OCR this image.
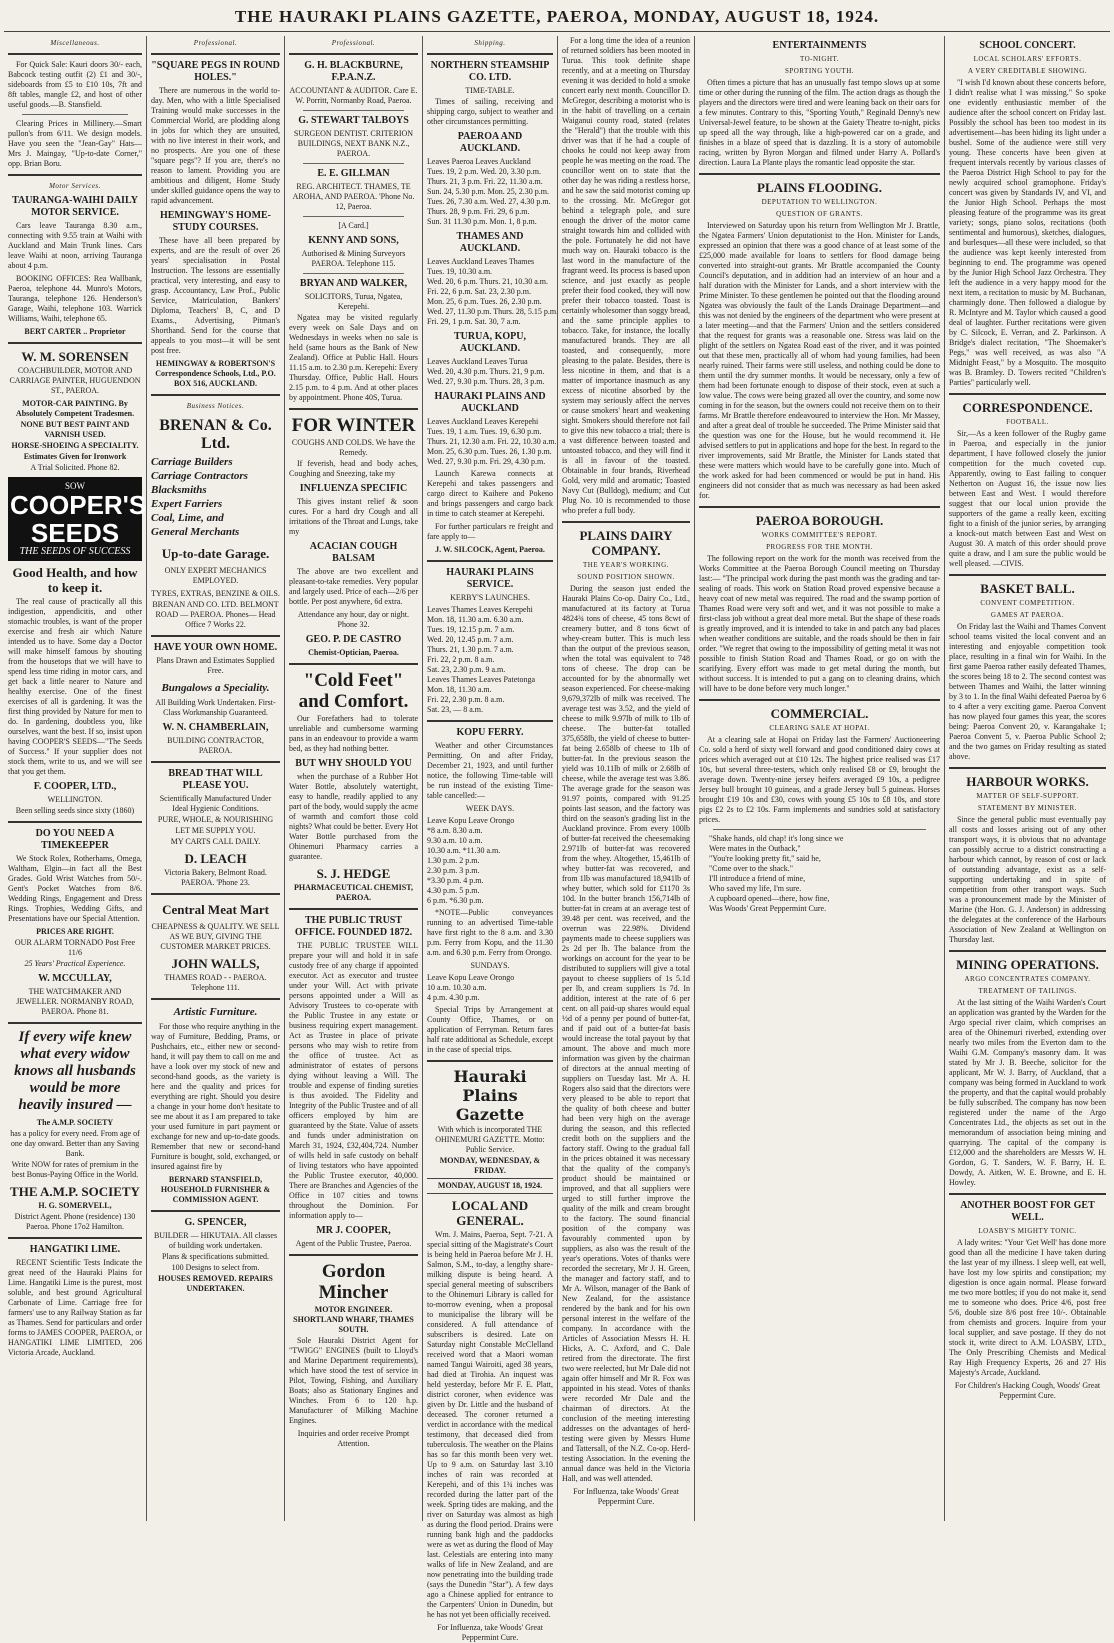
THE HAURAKI PLAINS GAZETTE, PAEROA, MONDAY, AUGUST 18, 1924.
Miscellaneous.

For Quick Sale: Kauri doors 30/- each, Babcock testing outfit (2) £1 and 30/-, sideboards from £5 to £10 10s, 7ft and 8ft tables, mangle £2, and host of other useful goods.—B. Stansfield.

Clearing Prices in Millinery.—Smart pullon's from 6/11. We design models. Have you seen the "Jean-Gay" Hats—Mrs J. Maingay, "Up-to-date Corner," opp. Brian Boru.

Motor Services.
TAURANGA-WAIHI DAILY MOTOR SERVICE.

Cars leave Tauranga 8.30 a.m., connecting with 9.55 train at Waihi with Auckland and Main Trunk lines. Cars leave Waihi at noon, arriving Tauranga about 4 p.m.

BOOKING OFFICES: Rea Wallbank, Paeroa, telephone 44. Munro's Motors, Tauranga, telephone 126. Henderson's Garage, Waihi, telephone 103. Warrick Williams, Waihi, telephone 65.

BERT CARTER .. Proprietor
W. M. SORENSEN
COACHBUILDER, MOTOR AND CARRIAGE PAINTER, HUGUENDON ST., PAEROA.
MOTOR-CAR PAINTING. By Absolutely Competent Tradesmen.
NONE BUT BEST PAINT AND VARNISH USED.
HORSE-SHOEING A SPECIALITY.
Estimates Given for Ironwork
A Trial Solicited. Phone 82.
SOW
COOPER'S SEEDS
THE SEEDS OF SUCCESS
Good Health, and how to keep it.

The real cause of practically all this indigestion, appendicitis, and other stomachic troubles, is want of the proper exercise and fresh air which Nature intended us to have. Some day a Doctor will make himself famous by shouting from the housetops that we will have to spend less time riding in motor cars, and get back a little nearer to Nature and healthy exercise. One of the finest exercises of all is gardening. It was the first thing provided by Nature for men to do. In gardening, doubtless you, like ourselves, want the best. If so, insist upon having COOPER'S SEEDS—"The Seeds of Success." If your supplier does not stock them, write to us, and we will see that you get them.

F. COOPER, LTD.,
WELLINGTON.
Been selling seeds since sixty (1860)
DO YOU NEED A TIMEKEEPER

We Stock Rolex, Rotherhams, Omega, Waltham, Elgin—in fact all the Best Grades. Gold Wrist Watches from 50/-. Gent's Pocket Watches from 8/6. Wedding Rings, Engagement and Dress Rings. Trophies, Wedding Gifts, and Presentations have our Special Attention.

PRICES ARE RIGHT.
OUR ALARM TORNADO Post Free 11/6
25 Years' Practical Experience.
W. MCCULLAY,
THE WATCHMAKER AND JEWELLER. NORMANBY ROAD, PAEROA. Phone 81.
If every wife knew what every widow knows all husbands would be more heavily insured —
The A.M.P. SOCIETY
has a policy for every need. From age of one day onward. Better than any Saving Bank.
Write NOW for rates of premium in the best Bonus-Paying Office in the World.
THE A.M.P. SOCIETY
H. G. SOMERVELL,
District Agent. Phone (residence) 130 Paeroa. Phone 17o2 Hamilton.
HANGATIKI LIME.

RECENT Scientific Tests Indicate the great need of the Hauraki Plains for Lime. Hangatiki Lime is the purest, most soluble, and best ground Agricultural Carbonate of Lime. Carriage free for farmers' use to any Railway Station as far as Thames. Send for particulars and order forms to JAMES COOPER, PAEROA, or HANGATIKI LIME LIMITED, 206 Victoria Arcade, Auckland.

Professional.
"SQUARE PEGS IN ROUND HOLES."

There are numerous in the world to-day. Men, who with a little Specialised Training would make successes in the Commercial World, are plodding along in jobs for which they are unsuited, with no live interest in their work, and no prospects. Are you one of these "square pegs"? If you are, there's no reason to lament. Providing you are ambitious and diligent, Home Study under skilled guidance opens the way to rapid advancement.

HEMINGWAY'S HOME-STUDY COURSES.

These have all been prepared by experts, and are the result of over 26 years' specialisation in Postal Instruction. The lessons are essentially practical, very interesting, and easy to grasp. Accountancy, Law Prof., Public Service, Matriculation, Bankers' Diploma, Teachers' B, C, and D Exams., Advertising, Pitman's Shorthand. Send for the course that appeals to you most—it will be sent post free.

HEMINGWAY & ROBERTSON'S Correspondence Schools, Ltd., P.O. BOX 516, AUCKLAND.
Business Notices.
BRENAN & Co. Ltd.
Carriage Builders
Carriage Contractors
Blacksmiths
Expert Farriers
Coal, Lime, and
General Merchants
Up-to-date Garage.
ONLY EXPERT MECHANICS EMPLOYED.
TYRES, EXTRAS, BENZINE & OILS.
BRENAN AND CO. LTD. BELMONT ROAD — PAEROA. Phones— Head Office 7 Works 22.
HAVE YOUR OWN HOME.
Plans Drawn and Estimates Supplied Free.
Bungalows a Speciality.
All Building Work Undertaken. First-Class Workmanship Guaranteed.
W. N. CHAMBERLAIN,
BUILDING CONTRACTOR, PAEROA.
BREAD THAT WILL PLEASE YOU.
Scientifically Manufactured Under Ideal Hygienic Conditions.
PURE, WHOLE, & NOURISHING
LET ME SUPPLY YOU.
MY CARTS CALL DAILY.
D. LEACH
Victoria Bakery, Belmont Road. PAEROA. 'Phone 23.
Central Meat Mart
CHEAPNESS & QUALITY. WE SELL AS WE BUY, GIVING THE CUSTOMER MARKET PRICES.
JOHN WALLS,
THAMES ROAD - - PAEROA. Telephone 111.
Artistic Furniture.

For those who require anything in the way of Furniture, Bedding, Prams, or Pushchairs, etc., either new or second-hand, it will pay them to call on me and have a look over my stock of new and second-hand goods, as the variety is here and the quality and prices for everything are right. Should you desire a change in your home don't hesitate to see me about it as I am prepared to take your used furniture in part payment or exchange for new and up-to-date goods. Remember that new or second-hand Furniture is bought, sold, exchanged, or insured against fire by

BERNARD STANSFIELD, HOUSEHOLD FURNISHER & COMMISSION AGENT.
G. SPENCER,
BUILDER — HIKUTAIA. All classes of building work undertaken.
Plans & specifications submitted.
100 Designs to select from.
HOUSES REMOVED. REPAIRS UNDERTAKEN.
Professional.
G. H. BLACKBURNE, F.P.A.N.Z.
ACCOUNTANT & AUDITOR. Care E. W. Porritt, Normanby Road, Paeroa.
G. STEWART TALBOYS
SURGEON DENTIST. CRITERION BUILDINGS, NEXT BANK N.Z., PAEROA.
E. E. GILLMAN
REG. ARCHITECT. THAMES, TE AROHA, AND PAEROA. 'Phone No. 12, Paeroa.
[A Card.]
KENNY AND SONS,
Authorised & Mining Surveyors PAEROA. Telephone 115.
BRYAN AND WALKER,
SOLICITORS, Turua, Ngatea, Kerepehi.

Ngatea may be visited regularly every week on Sale Days and on Wednesdays in weeks when no sale is held (same hours as the Bank of New Zealand). Office at Public Hall. Hours 11.15 a.m. to 2.30 p.m. Kerepehi: Every Thursday. Office, Public Hall. Hours 2.15 p.m. to 4 p.m. And at other places by appointment. Phone 40S, Turua.

FOR WINTER
COUGHS AND COLDS. We have the Remedy.

If feverish, head and body aches, Coughing and Sneezing, take my

INFLUENZA SPECIFIC

This gives instant relief & soon cures. For a hard dry Cough and all irritations of the Throat and Lungs, take my

ACACIAN COUGH BALSAM

The above are two excellent and pleasant-to-take remedies. Very popular and largely used. Price of each—2/6 per bottle. Per post anywhere, 6d extra.

Attendance any hour, day or night. Phone 32.
GEO. P. DE CASTRO
Chemist-Optician, Paeroa.
"Cold Feet" and Comfort.

Our Forefathers had to tolerate unreliable and cumbersome warming pans in an endeavour to provide a warm bed, as they had nothing better.

BUT WHY SHOULD YOU

when the purchase of a Rubber Hot Water Bottle, absolutely watertight, easy to handle, readily applied to any part of the body, would supply the acme of warmth and comfort those cold nights? What could be better. Every Hot Water Bottle purchased from the Ohinemuri Pharmacy carries a guarantee.

S. J. HEDGE
PHARMACEUTICAL CHEMIST, PAEROA.
THE PUBLIC TRUST OFFICE. FOUNDED 1872.

THE PUBLIC TRUSTEE WILL prepare your will and hold it in safe custody free of any charge if appointed executor. Act as executor and trustee under your Will. Act with private persons appointed under a Will as Advisory Trustees to co-operate with the Public Trustee in any estate or business requiring expert management. Act as Trustee in place of private persons who may wish to retire from the office of trustee. Act as administrator of estates of persons dying without leaving a Will. The trouble and expense of finding sureties is thus avoided. The Fidelity and Integrity of the Public Trustee and of all officers employed by him are guaranteed by the State. Value of assets and funds under administration on March 31, 1924, £32,404,724. Number of wills held in safe custody on behalf of living testators who have appointed the Public Trustee executor, 40,000. There are Branches and Agencies of the Office in 107 cities and towns throughout the Dominion. For information apply to—

MR J. COOPER,
Agent of the Public Trustee, Paeroa.
Gordon Mincher
MOTOR ENGINEER. SHORTLAND WHARF, THAMES SOUTH.

Sole Hauraki District Agent for "TWIGG" ENGINES (built to Lloyd's and Marine Department requirements), which have stood the test of service in Pilot, Towing, Fishing, and Auxiliary Boats; also as Stationary Engines and Winches. From 6 to 120 h.p. Manufacturer of Milking Machine Engines.

Inquiries and order receive Prompt Attention.
Shipping.
NORTHERN STEAMSHIP CO. LTD.
TIME-TABLE.

Times of sailing, receiving and shipping cargo, subject to weather and other circumstances permitting.

PAEROA AND AUCKLAND.
Leaves Paeroa Leaves Auckland
Tues. 19, 2 p.m. Wed. 20, 3.30 p.m.
Thurs. 21, 3 p.m. Fri. 22, 11.30 a.m.
Sun. 24, 5.30 p.m. Mon. 25, 2.30 p.m.
Tues. 26, 7.30 a.m. Wed. 27, 4.30 p.m.
Thurs. 28, 9 p.m. Fri. 29, 6 p.m.
Sun. 31 11.30 p.m. Mon. 1, 8 p.m.
THAMES AND AUCKLAND.
Leaves Auckland Leaves Thames
Tues. 19, 10.30 a.m.
Wed. 20, 6 p.m. Thurs. 21, 10.30 a.m.
Fri. 22, 6 p.m. Sat. 23, 2.30 p.m.
Mon. 25, 6 p.m. Tues. 26, 2.30 p.m.
Wed. 27, 11.30 p.m. Thurs. 28, 5.15 p.m.
Fri. 29, 1 p.m. Sat. 30, 7 a.m.
TURUA, KOPU, AUCKLAND.
Leaves Auckland Leaves Turua
Wed. 20, 4.30 p.m. Thurs. 21, 9 p.m.
Wed. 27, 9.30 p.m. Thurs. 28, 3 p.m.
HAURAKI PLAINS AND AUCKLAND
Leaves Auckland Leaves Kerepehi
Tues. 19, 1 a.m. Tues. 19, 6.30 p.m.
Thurs. 21, 12.30 a.m. Fri. 22, 10.30 a.m.
Mon. 25, 6.30 p.m. Tues. 26, 1.30 p.m.
Wed. 27, 9.30 p.m. Fri. 29, 4.30 p.m.

Launch Karewa connects at Kerepehi and takes passengers and cargo direct to Kaihere and Pokeno and brings passengers and cargo back in time to catch steamer at Kerepehi.

For further particulars re freight and fare apply to—

J. W. SILCOCK, Agent, Paeroa.
HAURAKI PLAINS SERVICE.
KERBY'S LAUNCHES.
Leaves Thames Leaves Kerepehi
Mon. 18, 11.30 a.m. 6.30 a.m.
Tues. 19, 12.15 p.m. 7 a.m.
Wed. 20, 12.45 p.m. 7 a.m.
Thurs. 21, 1.30 p.m. 7 a.m.
Fri. 22, 2 p.m. 8 a.m.
Sat. 23, 2.30 p.m. 9 a.m.
Leaves Thames Leaves Patetonga
Mon. 18, 11.30 a.m.
Fri. 22, 2.30 p.m. 8 a.m.
Sat. 23, — 8 a.m.
KOPU FERRY.

Weather and other Circumstances Permitting. On and after Friday, December 21, 1923, and until further notice, the following Time-table will be run instead of the existing Time-table cancelled:—

WEEK DAYS.
Leave Kopu Leave Orongo
*8 a.m. 8.30 a.m.
9.30 a.m. 10 a.m.
10.30 a.m. *11.30 a.m.
1.30 p.m. 2 p.m.
2.30 p.m. 3 p.m.
*3.30 p.m. 4 p.m.
4.30 p.m. 5 p.m.
6 p.m. *6.30 p.m.

*NOTE—Public conveyances running to an advertised Time-table have first right to the 8 a.m. and 3.30 p.m. Ferry from Kopu, and the 11.30 a.m. and 6.30 p.m. Ferry from Orongo.

SUNDAYS.
Leave Kopu Leave Orongo
10 a.m. 10.30 a.m.
4 p.m. 4.30 p.m.

Special Trips by Arrangement at County Office, Thames, or on application of Ferryman. Return fares half rate additional as Schedule, except in the case of special trips.

Hauraki Plains Gazette
With which is incorporated THE OHINEMURI GAZETTE. Motto: Public Service.
MONDAY, WEDNESDAY, & FRIDAY.
MONDAY, AUGUST 18, 1924.
LOCAL AND GENERAL.

Wm. J. Mains, Paeroa, Sept. 7-21. A special sitting of the Magistrate's Court is being held in Paeroa before Mr J. H. Salmon, S.M., to-day, a lengthy share-milking dispute is being heard. A special general meeting of subscribers to the Ohinemuri Library is called for to-morrow evening, when a proposal to municipalise the library will be considered. A full attendance of subscribers is desired. Late on Saturday night Constable McClelland received word that a Maori woman named Tangui Wairoiti, aged 38 years, had died at Tirohia. An inquest was held yesterday, before Mr F. E. Platt, district coroner, when evidence was given by Dr. Little and the husband of deceased. The coroner returned a verdict in accordance with the medical testimony, that deceased died from tuberculosis. The weather on the Plains has so far this month been very wet. Up to 9 a.m. on Saturday last 3.10 inches of rain was recorded at Kerepehi, and of this 1¾ inches was recorded during the latter part of the week. Spring tides are making, and the river on Saturday was almost as high as during the flood period. Drains were running bank high and the paddocks were as wet as during the flood of May last. Celestials are entering into many walks of life in New Zealand, and are now penetrating into the building trade (says the Dunedin "Star"). A few days ago a Chinese applied for entrance to the Carpenters' Union in Dunedin, but he has not yet been officially received.

For Influenza, take Woods' Great Peppermint Cure.

For a long time the idea of a reunion of returned soldiers has been mooted in Turua. This took definite shape recently, and at a meeting on Thursday evening it was decided to hold a smoke concert early next month. Councillor D. McGregor, describing a motorist who is in the habit of travelling on a certain Waiganui county road, stated (relates the "Herald") that the trouble with this driver was that if he had a couple of chooks he could not keep away from people he was meeting on the road. The councillor went on to state that the other day he was riding a restless horse, and he saw the said motorist coming up to the crossing. Mr. McGregor got behind a telegraph pole, and sure enough the driver of the motor came straight towards him and collided with the pole. Fortunately he did not have much way on. Hauraki tobacco is the last word in the manufacture of the fragrant weed. Its process is based upon science, and just exactly as people prefer their food cooked, they will now prefer their tobacco toasted. Toast is certainly wholesomer than soggy bread, and the same principle applies to tobacco. Take, for instance, the locally manufactured brands. They are all toasted, and consequently, more pleasing to the palate. Besides, there is less nicotine in them, and that is a matter of importance inasmuch as any excess of nicotine absorbed by the system may seriously affect the nerves or cause smokers' heart and weakening sight. Smokers should therefore not fail to give this new tobacco a trial; there is a vast difference between toasted and untoasted tobacco, and they will find it is all in favour of the toasted. Obtainable in four brands, Riverhead Gold, very mild and aromatic; Toasted Navy Cut (Bulldog), medium; and Cut Plug No. 10 is recommended to those who prefer a full body.

PLAINS DAIRY COMPANY.
THE YEAR'S WORKING.
SOUND POSITION SHOWN.

During the season just ended the Hauraki Plains Co-op. Dairy Co., Ltd., manufactured at its factory at Turua 4824¾ tons of cheese, 45 tons 8cwt of creamery butter, and 8 tons 6cwt of whey-cream butter. This is much less than the output of the previous season, when the total was equivalent to 748 tons of cheese. The drop can be accounted for by the abnormally wet season experienced. For cheese-making 9,679,372lb of milk was received. The average test was 3.52, and the yield of cheese to milk 9.97lb of milk to 1lb of cheese. The butter-fat totalled 375,658lb, the yield of cheese to butter-fat being 2.658lb of cheese to 1lb of butter-fat. In the previous season the yield was 10.11lb of milk or 2.68lb of cheese, while the average test was 3.86. The average grade for the season was 91.97 points, compared with 91.25 points last season, and the factory was third on the season's grading list in the Auckland province. From every 100lb of butter-fat received the cheesemaking 2.971lb of butter-fat was recovered from the whey. Altogether, 15,461lb of whey butter-fat was recovered, and from 1lb was manufactured 18,941lb of whey butter, which sold for £1170 3s 10d. In the butter branch 156,714lb of butter-fat in cream at an average test of 39.48 per cent. was received, and the overrun was 22.98%. Dividend payments made to cheese suppliers was 2s 2d per lb. The balance from the workings on account for the year to be distributed to suppliers will give a total payout to cheese suppliers of 1s 5.1d per lb, and cream suppliers 1s 7d. In addition, interest at the rate of 6 per cent. on all paid-up shares would equal ½d of a penny per pound of butter-fat, and if paid out of a butter-fat basis would increase the total payout by that amount. The above and much more information was given by the chairman of directors at the annual meeting of suppliers on Tuesday last. Mr A. H. Rogers also said that the directors were very pleased to be able to report that the quality of both cheese and butter had been very high on the average during the season, and this reflected credit both on the suppliers and the factory staff. Owing to the gradual fall in the prices obtained it was necessary that the quality of the company's product should be maintained or improved, and that all suppliers were urged to still further improve the quality of the milk and cream brought to the factory. The sound financial position of the company was favourably commented upon by suppliers, as also was the result of the year's operations. Votes of thanks were recorded the secretary, Mr J. H. Green, the manager and factory staff, and to Mr A. Wilson, manager of the Bank of New Zealand, for the assistance rendered by the bank and for his own personal interest in the welfare of the company. In accordance with the Articles of Association Messrs H. H. Hicks, A. C. Axford, and C. Dale retired from the directorate. The first two were reelected, but Mr Dale did not again offer himself and Mr R. Fox was appointed in his stead. Votes of thanks were recorded Mr Dale and the chairman of directors. At the conclusion of the meeting interesting addresses on the advantages of herd-testing were given by Messrs Hume and Tattersall, of the N.Z. Co-op. Herd-testing Association. In the evening the annual dance was held in the Victoria Hall, and was well attended.

For Influenza, take Woods' Great Peppermint Cure.
ENTERTAINMENTS
TO-NIGHT.
SPORTING YOUTH.

Often times a picture that has an unusually fast tempo slows up at some time or other during the running of the film. The action drags as though the players and the directors were tired and were leaning back on their oars for a few minutes. Contrary to this, "Sporting Youth," Reginald Denny's new Universal-Jewel feature, to be shown at the Gaiety Theatre to-night, picks up speed all the way through, like a high-powered car on a grade, and finishes in a blaze of speed that is dazzling. It is a story of automobile racing, written by Byron Morgan and filmed under Harry A. Pollard's direction. Laura La Plante plays the romantic lead opposite the star.

PLAINS FLOODING.
DEPUTATION TO WELLINGTON.
QUESTION OF GRANTS.

Interviewed on Saturday upon his return from Wellington Mr J. Brattle, the Ngatea Farmers' Union deputationist to the Hon. Minister for Lands, expressed an opinion that there was a good chance of at least some of the £25,000 made available for loans to settlers for flood damage being converted into straight-out grants. Mr Brattle accompanied the County Council's deputation, and in addition had an interview of an hour and a half duration with the Minister for Lands, and a short interview with the Prime Minister. To these gentlemen he pointed out that the flooding around Ngatea was obviously the fault of the Lands Drainage Department—and this was not denied by the engineers of the department who were present at a later meeting—and that the Farmers' Union and the settlers considered that the request for grants was a reasonable one. Stress was laid on the plight of the settlers on Ngatea Road east of the river, and it was pointed out that these men, practically all of whom had young families, had been nearly ruined. Their farms were still useless, and nothing could be done to them until the dry summer months. It would be necessary, only a few of them had been fortunate enough to dispose of their stock, even at such a low value. The cows were being grazed all over the country, and some now coming in for the season, but the owners could not receive them on to their farms. Mr Brattle therefore endeavoured to interview the Hon. Mr Massey, and after a great deal of trouble he succeeded. The Prime Minister said that the question was one for the House, but he would recommend it. He advised settlers to put in applications and hope for the best. In regard to the river improvements, said Mr Brattle, the Minister for Lands stated that these were matters which would have to be carefully gone into. Much of the work asked for had been commenced or would be put in hand. His engineers did not consider that as much was necessary as had been asked for.

PAEROA BOROUGH.
WORKS COMMITTEE'S REPORT.
PROGRESS FOR THE MONTH.

The following report on the work for the month was received from the Works Committee at the Paeroa Borough Council meeting on Thursday last:— "The principal work during the past month was the grading and tar-sealing of roads. This work on Station Road proved expensive because a heavy coat of new metal was required. The road and the swamp portion of Thames Road were very soft and wet, and it was not possible to make a first-class job without a great deal more metal. But the shape of these roads is greatly improved, and it is intended to take in and patch any bad places when weather conditions are suitable, and the roads should be then in fair order. "We regret that owing to the impossibility of getting metal it was not possible to finish Station Road and Thames Road, or go on with the scarifying. Every effort was made to get metal during the month, but without success. It is intended to put a gang on to cleaning drains, which will have to be done before very much longer."

COMMERCIAL.
CLEARING SALE AT HOPAI.

At a clearing sale at Hopai on Friday last the Farmers' Auctioneering Co. sold a herd of sixty well forward and good conditioned dairy cows at prices which averaged out at £10 12s. The highest price realised was £17 10s, but several three-testers, which only realised £8 or £9, brought the average down. Twenty-nine jersey heifers averaged £9 10s, a pedigree Jersey bull brought 10 guineas, and a grade Jersey bull 5 guineas. Horses brought £19 10s and £30, cows with young £5 10s to £8 10s, and store pigs £2 2s to £2 10s. Farm implements and sundries sold at satisfactory prices.

"Shake hands, old chap! it's long since we
Were mates in the Outback,"
"You're looking pretty fit," said he,
"Come over to the shack."
I'll introduce a friend of mine,
Who saved my life, I'm sure.
A cupboard opened—there, how fine,
Was Woods' Great Peppermint Cure.
SCHOOL CONCERT.
LOCAL SCHOLARS' EFFORTS.
A VERY CREDITABLE SHOWING.

"I wish I'd known about these concerts before, I didn't realise what I was missing." So spoke one evidently enthusiastic member of the audience after the school concert on Friday last. Possibly the school has been too modest in its advertisement—has been hiding its light under a bushel. Some of the audience were still very young. These concerts have been given at frequent intervals recently by various classes of the Paeroa District High School to pay for the newly acquired school gramophone. Friday's concert was given by Standards IV, and VI, and the Junior High School. Perhaps the most pleasing feature of the programme was its great variety; songs, piano solos, recitations (both sentimental and humorous), sketches, dialogues, and burlesques—all these were included, so that the audience was kept keenly interested from beginning to end. The programme was opened by the Junior High School Jazz Orchestra. They left the audience in a very happy mood for the next item, a recitation to music by M. Buchanan, charmingly done. Then followed a dialogue by R. McIntyre and M. Taylor which caused a good deal of laughter. Further recitations were given by C. Silcock, E. Verran, and Z. Parkinson. A Bridge's dialect recitation, "The Shoemaker's Pegs," was well received, as was also "A Midnight Feast," by a Mosquito. The mosquito was B. Bramley. D. Towers recited "Children's Parties" particularly well.

CORRESPONDENCE.
FOOTBALL.

Sir,—As a keen follower of the Rugby game in Paeroa, and especially in the junior department, I have followed closely the junior competition for the much coveted cup. Apparently, owing to East failing to conquer Netherton on August 16, the issue now lies between East and West. I would therefore suggest that our local union provide the supporters of the game a really keen, exciting fight to a finish of the junior series, by arranging a knock-out match between East and West on August 30. A match of this order should prove quite a draw, and I am sure the public would be well pleased. —CIVIS.

BASKET BALL.
CONVENT COMPETITION.
GAMES AT PAEROA.

On Friday last the Waihi and Thames Convent school teams visited the local convent and an interesting and enjoyable competition took place, resulting in a final win for Waihi. In the first game Paeroa rather easily defeated Thames, the scores being 18 to 2. The second contest was between Thames and Waihi, the latter winning by 3 to 1. In the final Waihi defeated Paeroa by 6 to 4 after a very exciting game. Paeroa Convent has now played four games this year, the scores being: Paeroa Convent 20, v. Karangahake 1; Paeroa Convent 5, v. Paeroa Public School 2; and the two games on Friday resulting as stated above.

HARBOUR WORKS.
MATTER OF SELF-SUPPORT.
STATEMENT BY MINISTER.

Since the general public must eventually pay all costs and losses arising out of any other transport ways, it is obvious that no advantage can possibly accrue to a district constructing a harbour which cannot, by reason of cost or lack of outstanding advantage, exist as a self-supporting undertaking and in spite of competition from other transport ways. Such was a pronouncement made by the Minister of Marine (the Hon. G. J. Anderson) in addressing the delegates at the conference of the Harbours Association of New Zealand at Wellington on Thursday last.

MINING OPERATIONS.
ARGO CONCENTRATES COMPANY.
TREATMENT OF TAILINGS.

At the last sitting of the Waihi Warden's Court an application was granted by the Warden for the Argo special river claim, which comprises an area of the Ohinemuri riverbed, extending over nearly two miles from the Everton dam to the Waihi G.M. Company's masonry dam. It was stated by Mr J. B. Beeche, solicitor for the applicant, Mr W. J. Barry, of Auckland, that a company was being formed in Auckland to work the property, and that the capital would probably be fully subscribed. The company has now been registered under the name of the Argo Concentrates Ltd., the objects as set out in the memorandum of association being mining and quarrying. The capital of the company is £12,000 and the shareholders are Messrs W. H. Gordon, G. T. Sanders, W. F. Barry, H. E. Dowdy, A. Aitken, W. E. Browne, and E. H. Howley.

ANOTHER BOOST FOR GET WELL.
LOASBY'S MIGHTY TONIC.

A lady writes: "Your 'Get Well' has done more good than all the medicine I have taken during the last year of my illness. I sleep well, eat well, have lost my low spirits and constipation; my digestion is once again normal. Please forward me two more bottles; if you do not make it, send me to someone who does. Price 4/6, post free 5/6, double size 8/6 post free 10/-. Obtainable from chemists and grocers. Inquire from your local supplier, and save postage. If they do not stock it, write direct to A.M. LOASBY, LTD., The Only Prescribing Chemists and Medical Ray High Frequency Experts, 26 and 27 His Majesty's Arcade, Auckland.

For Children's Hacking Cough, Woods' Great Peppermint Cure.
